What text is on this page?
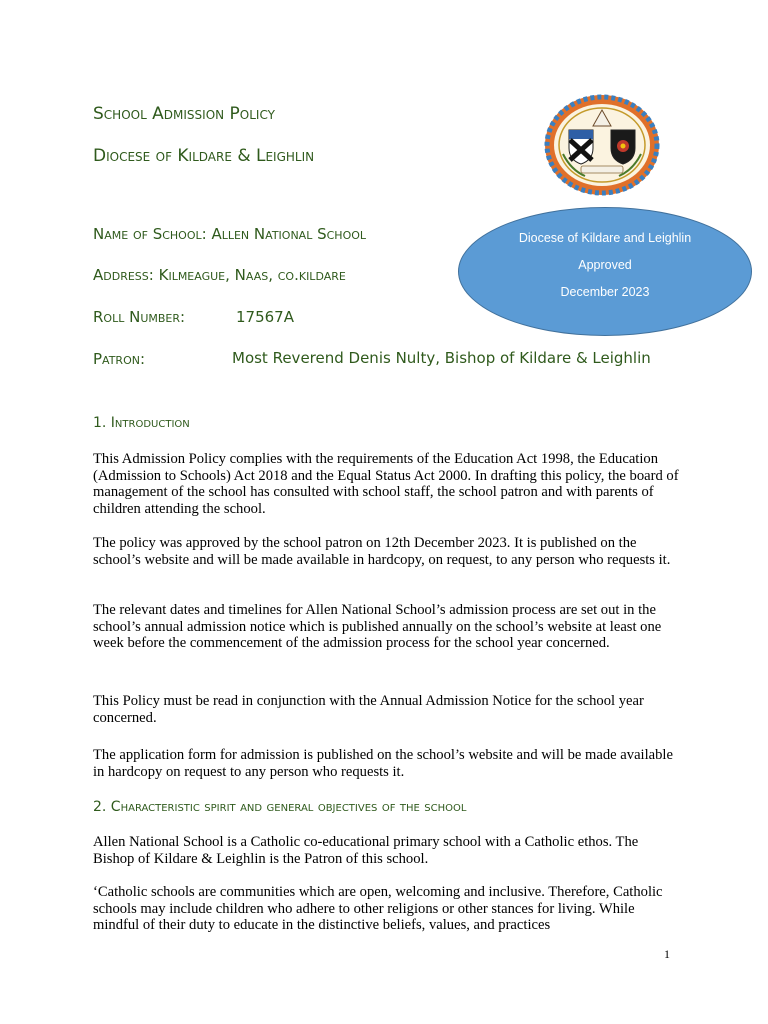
School Admission Policy
Diocese of Kildare & Leighlin
Diocese of Kildare and Leighlin
Approved
December 2023
Name of School: Allen National School
Address: Kilmeague, Naas, co.kildare
Roll Number:	17567A
Patron:	Most Reverend Denis Nulty, Bishop of Kildare & Leighlin
1. Introduction
This Admission Policy complies with the requirements of the Education Act 1998, the Education (Admission to Schools) Act 2018 and the Equal Status Act 2000. In drafting this policy, the board of management of the school has consulted with school staff, the school patron and with parents of children attending the school.
The policy was approved by the school patron on 12th December 2023. It is published on the school’s website and will be made available in hardcopy, on request, to any person who requests it.
The relevant dates and timelines for Allen National School’s admission process are set out in the school’s annual admission notice which is published annually on the school’s website at least one week before the commencement of the admission process for the school year concerned.
This Policy must be read in conjunction with the Annual Admission Notice for the school year concerned.
The application form for admission is published on the school’s website and will be made available in hardcopy on request to any person who requests it.
2. Characteristic spirit and general objectives of the school
Allen National School is a Catholic co-educational primary school with a Catholic ethos. The Bishop of Kildare & Leighlin is the Patron of this school.
‘Catholic schools are communities which are open, welcoming and inclusive. Therefore, Catholic schools may include children who adhere to other religions or other stances for living. While mindful of their duty to educate in the distinctive beliefs, values, and practices
1
